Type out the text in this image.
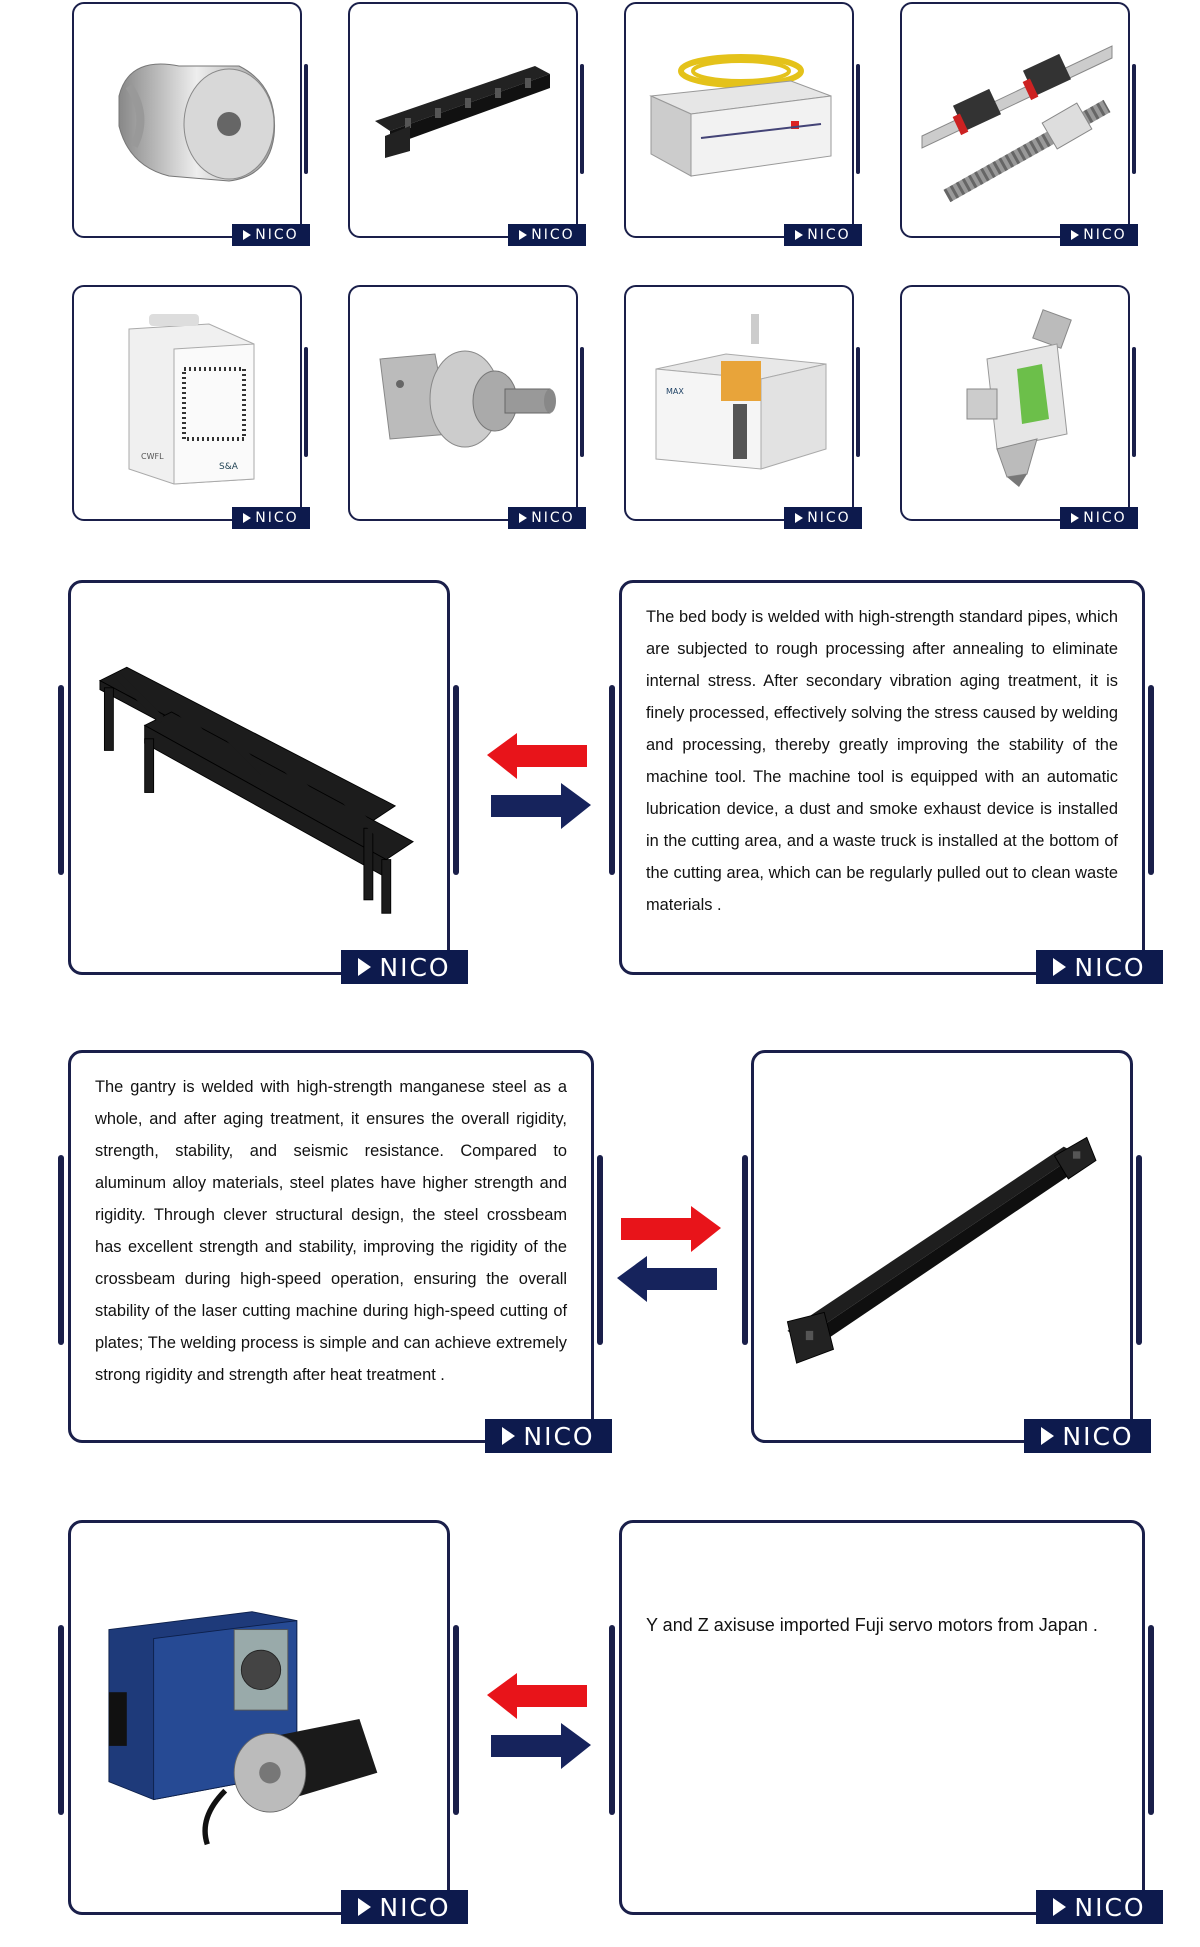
NICO	NICO	NICO	NICO
CWFL
S&A
NICO	NICO
MAX
NICO	NICO
NICO

The bed body is welded with high-strength standard pipes, which are subjected to rough processing after annealing to eliminate internal stress. After secondary vibration aging treatment, it is finely processed, effectively solving the stress caused by welding and processing, thereby greatly improving the stability of the machine tool. The machine tool is equipped with an automatic lubrication device, a dust and smoke exhaust device is installed in the cutting area, and a waste truck is installed at the bottom of the cutting area, which can be regularly pulled out to clean waste materials .

NICO

The gantry is welded with high-strength manganese steel as a whole, and after aging treatment, it ensures the overall rigidity, strength, stability, and seismic resistance. Compared to aluminum alloy materials, steel plates have higher strength and rigidity. Through clever structural design, the steel crossbeam has excellent strength and stability, improving the rigidity of the crossbeam during high-speed operation, ensuring the overall stability of the laser cutting machine during high-speed cutting of plates; The welding process is simple and can achieve extremely strong rigidity and strength after heat treatment .

NICO	NICO
NICO

Y and Z axisuse imported Fuji servo motors from Japan .

NICO
